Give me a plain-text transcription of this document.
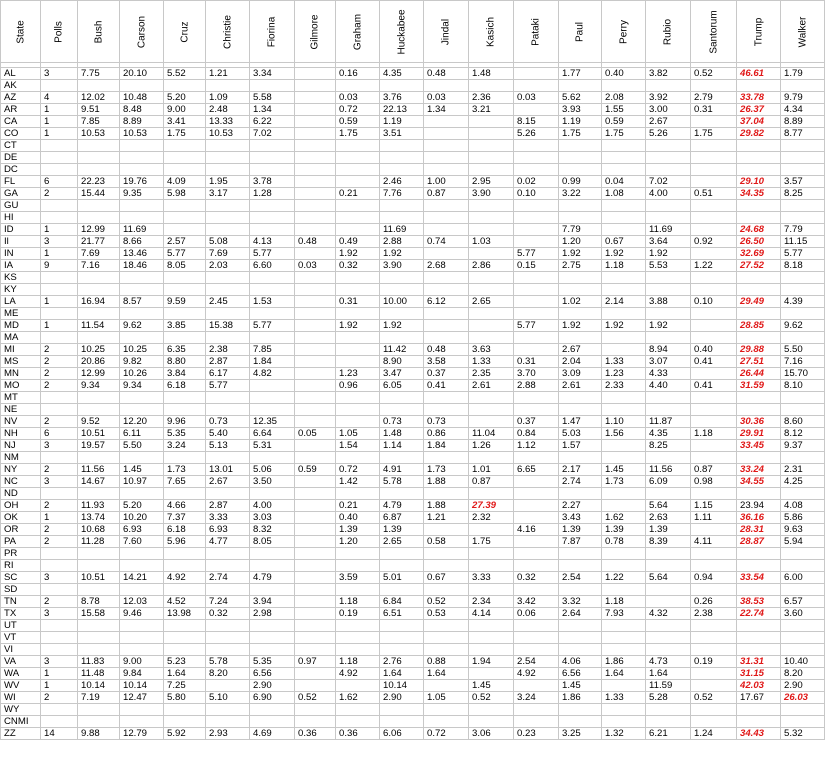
State	Polls	Bush	Carson	Cruz	Christie	Fiorina	Gilmore	Graham	Huckabee	Jindal	Kasich	Pataki	Paul	Perry	Rubio	Santorum	Trump	Walker

AL	3	7.75	20.10	5.52	1.21	3.34		0.16	4.35	0.48	1.48		1.77	0.40	3.82	0.52	46.61	1.79
AK																		
AZ	4	12.02	10.48	5.20	1.09	5.58		0.03	3.76	0.03	2.36	0.03	5.62	2.08	3.92	2.79	33.78	9.79
AR	1	9.51	8.48	9.00	2.48	1.34		0.72	22.13	1.34	3.21		3.93	1.55	3.00	0.31	26.37	4.34
CA	1	7.85	8.89	3.41	13.33	6.22		0.59	1.19			8.15	1.19	0.59	2.67		37.04	8.89
CO	1	10.53	10.53	1.75	10.53	7.02		1.75	3.51			5.26	1.75	1.75	5.26	1.75	29.82	8.77
CT																		
DE																		
DC																		
FL	6	22.23	19.76	4.09	1.95	3.78			2.46	1.00	2.95	0.02	0.99	0.04	7.02		29.10	3.57
GA	2	15.44	9.35	5.98	3.17	1.28		0.21	7.76	0.87	3.90	0.10	3.22	1.08	4.00	0.51	34.35	8.25
GU																		
HI																		
ID	1	12.99	11.69						11.69				7.79		11.69		24.68	7.79
Il	3	21.77	8.66	2.57	5.08	4.13	0.48	0.49	2.88	0.74	1.03		1.20	0.67	3.64	0.92	26.50	11.15
IN	1	7.69	13.46	5.77	7.69	5.77		1.92	1.92			5.77	1.92	1.92	1.92		32.69	5.77
IA	9	7.16	18.46	8.05	2.03	6.60	0.03	0.32	3.90	2.68	2.86	0.15	2.75	1.18	5.53	1.22	27.52	8.18
KS																		
KY																		
LA	1	16.94	8.57	9.59	2.45	1.53		0.31	10.00	6.12	2.65		1.02	2.14	3.88	0.10	29.49	4.39
ME																		
MD	1	11.54	9.62	3.85	15.38	5.77		1.92	1.92			5.77	1.92	1.92	1.92		28.85	9.62
MA																		
MI	2	10.25	10.25	6.35	2.38	7.85			11.42	0.48	3.63		2.67		8.94	0.40	29.88	5.50
MS	2	20.86	9.82	8.80	2.87	1.84			8.90	3.58	1.33	0.31	2.04	1.33	3.07	0.41	27.51	7.16
MN	2	12.99	10.26	3.84	6.17	4.82		1.23	3.47	0.37	2.35	3.70	3.09	1.23	4.33		26.44	15.70
MO	2	9.34	9.34	6.18	5.77			0.96	6.05	0.41	2.61	2.88	2.61	2.33	4.40	0.41	31.59	8.10
MT																		
NE																		
NV	2	9.52	12.20	9.96	0.73	12.35			0.73	0.73		0.37	1.47	1.10	11.87		30.36	8.60
NH	6	10.51	6.11	5.35	5.40	6.64	0.05	1.05	1.48	0.86	11.04	0.84	5.03	1.56	4.35	1.18	29.91	8.12
NJ	3	19.57	5.50	3.24	5.13	5.31		1.54	1.14	1.84	1.26	1.12	1.57		8.25		33.45	9.37
NM																		
NY	2	11.56	1.45	1.73	13.01	5.06	0.59	0.72	4.91	1.73	1.01	6.65	2.17	1.45	11.56	0.87	33.24	2.31
NC	3	14.67	10.97	7.65	2.67	3.50		1.42	5.78	1.88	0.87		2.74	1.73	6.09	0.98	34.55	4.25
ND																		
OH	2	11.93	5.20	4.66	2.87	4.00		0.21	4.79	1.88	27.39		2.27		5.64	1.15	23.94	4.08
OK	1	13.74	10.20	7.37	3.33	3.03		0.40	6.87	1.21	2.32		3.43	1.62	2.63	1.11	36.16	5.86
OR	2	10.68	6.93	6.18	6.93	8.32		1.39	1.39			4.16	1.39	1.39	1.39		28.31	9.63
PA	2	11.28	7.60	5.96	4.77	8.05		1.20	2.65	0.58	1.75		7.87	0.78	8.39	4.11	28.87	5.94
PR																		
RI																		
SC	3	10.51	14.21	4.92	2.74	4.79		3.59	5.01	0.67	3.33	0.32	2.54	1.22	5.64	0.94	33.54	6.00
SD																		
TN	2	8.78	12.03	4.52	7.24	3.94		1.18	6.84	0.52	2.34	3.42	3.32	1.18		0.26	38.53	6.57
TX	3	15.58	9.46	13.98	0.32	2.98		0.19	6.51	0.53	4.14	0.06	2.64	7.93	4.32	2.38	22.74	3.60
UT																		
VT																		
VI																		
VA	3	11.83	9.00	5.23	5.78	5.35	0.97	1.18	2.76	0.88	1.94	2.54	4.06	1.86	4.73	0.19	31.31	10.40
WA	1	11.48	9.84	1.64	8.20	6.56		4.92	1.64	1.64		4.92	6.56	1.64	1.64		31.15	8.20
WV	1	10.14	10.14	7.25		2.90			10.14		1.45		1.45		11.59		42.03	2.90
WI	2	7.19	12.47	5.80	5.10	6.90	0.52	1.62	2.90	1.05	0.52	3.24	1.86	1.33	5.28	0.52	17.67	26.03
WY																		
CNMI																		
ZZ	14	9.88	12.79	5.92	2.93	4.69	0.36	0.36	6.06	0.72	3.06	0.23	3.25	1.32	6.21	1.24	34.43	5.32
